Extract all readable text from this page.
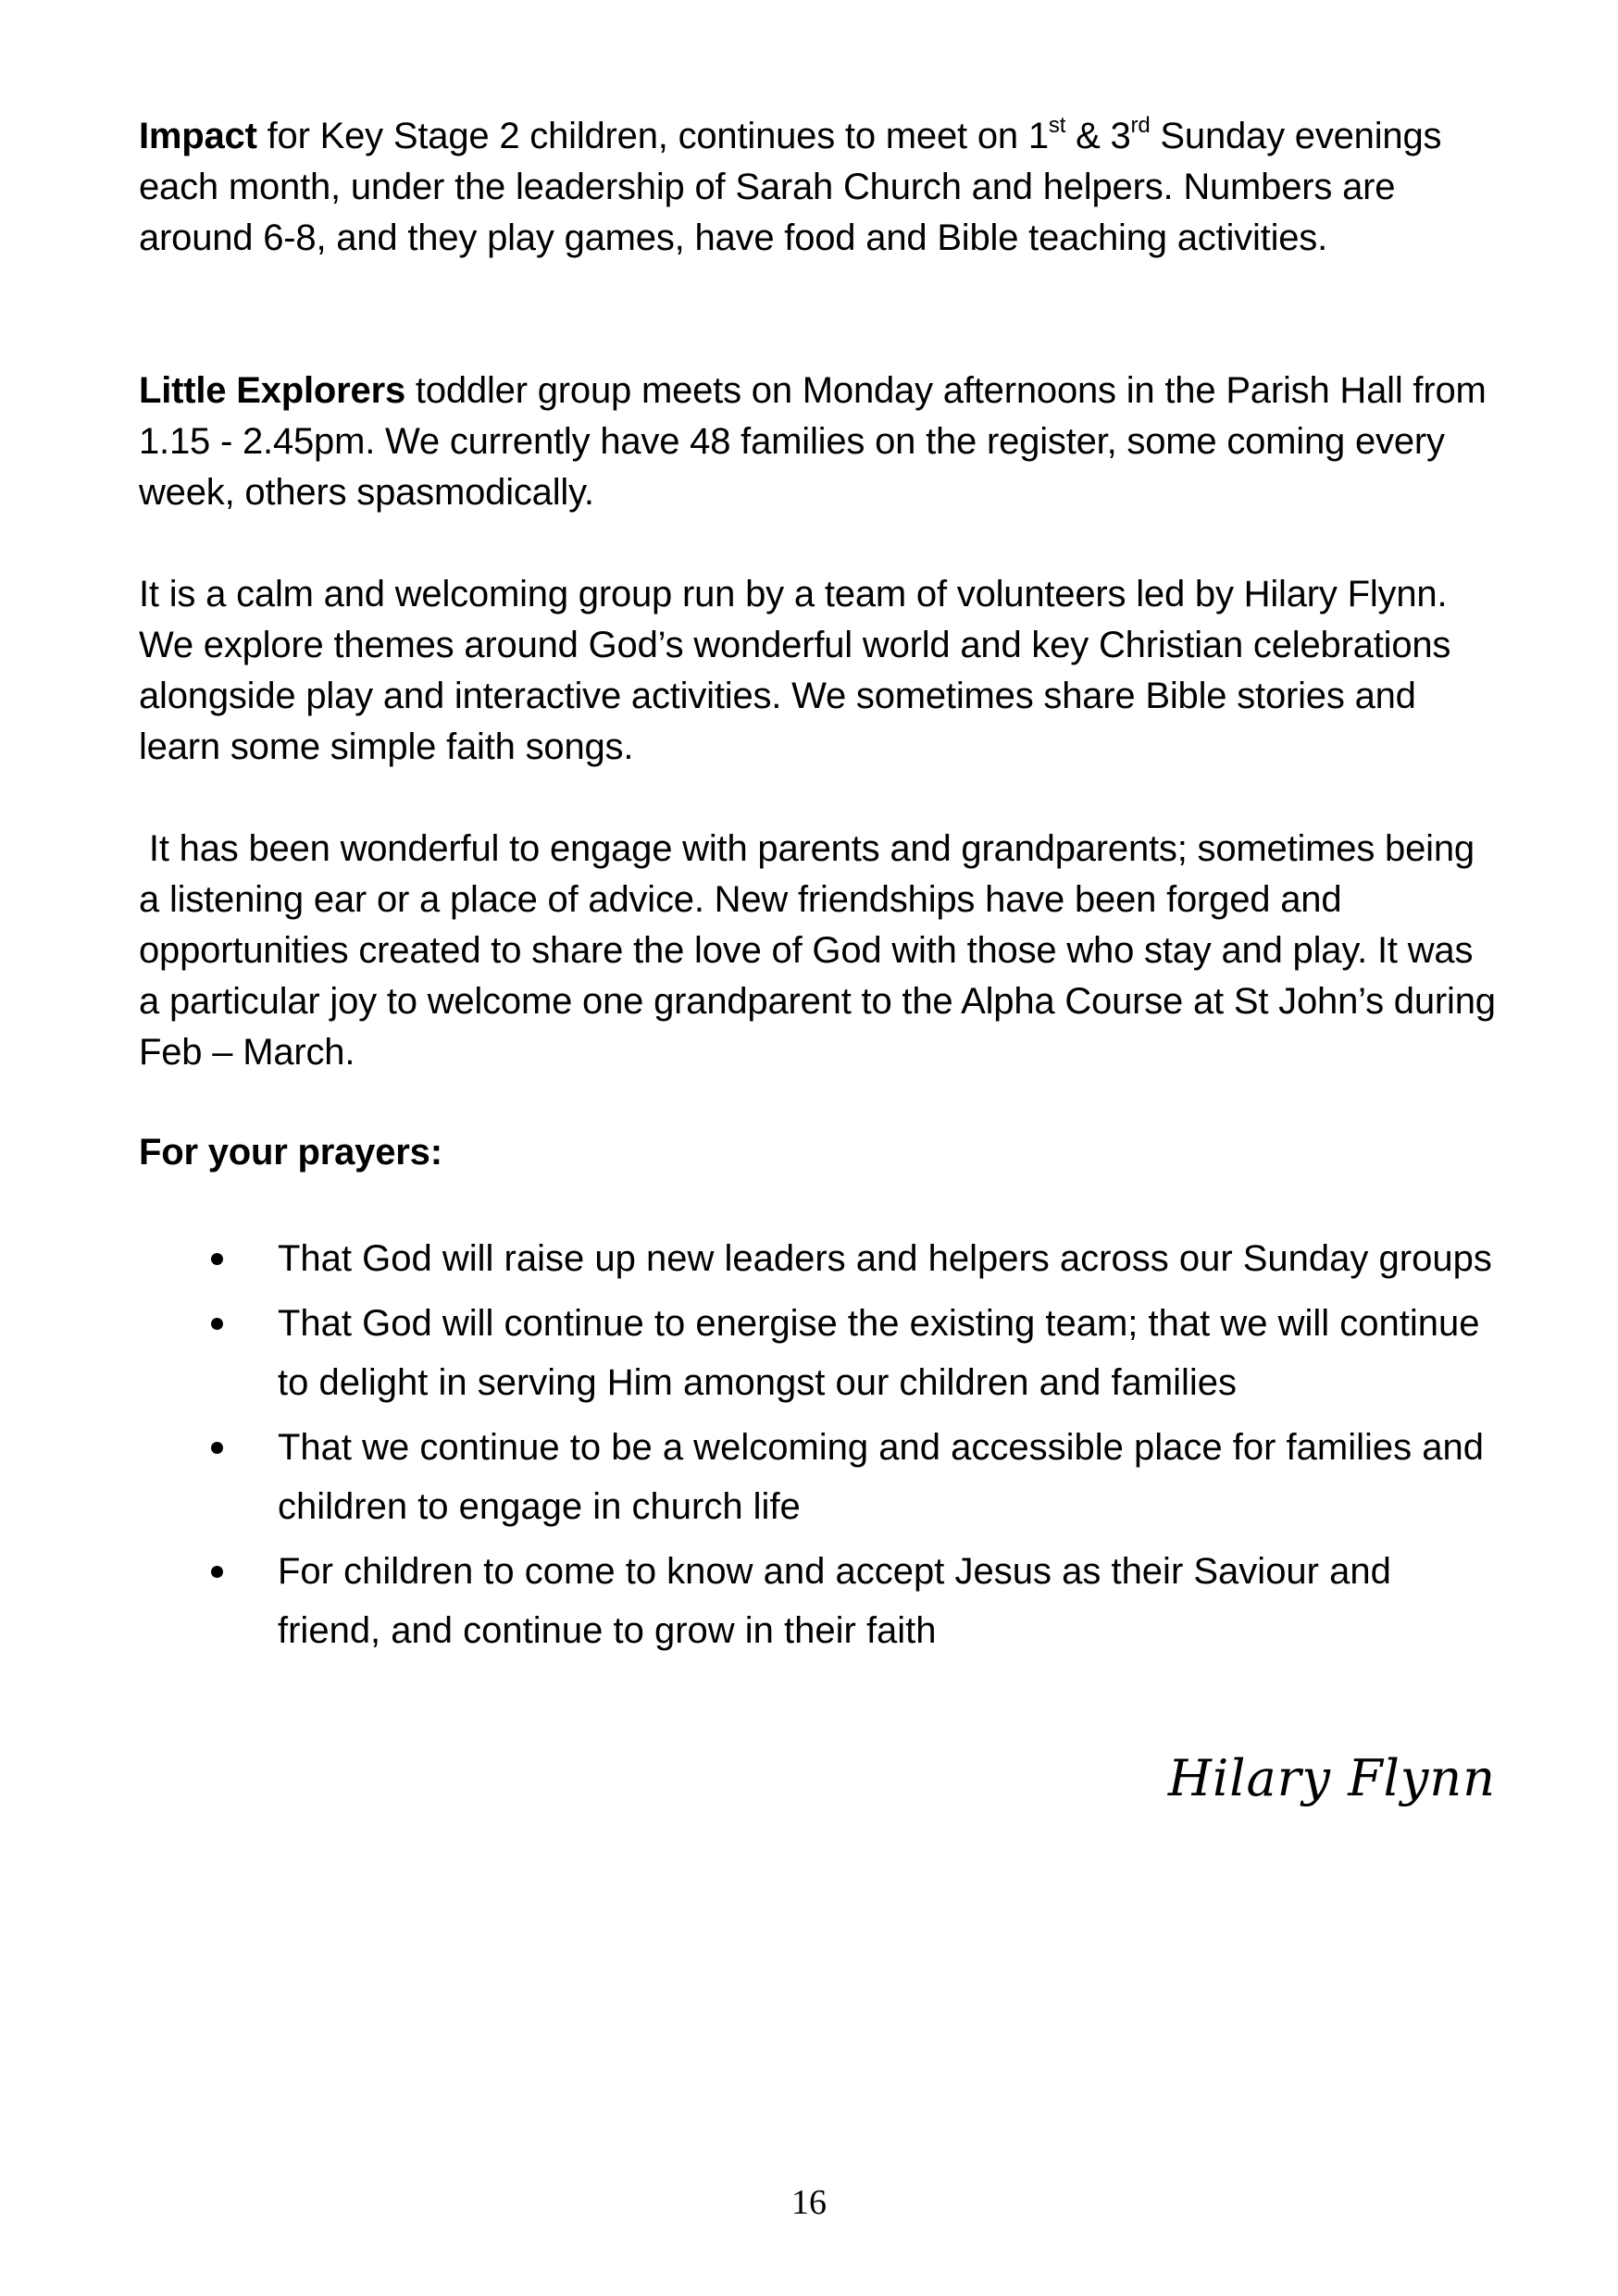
Impact for Key Stage 2 children, continues to meet on 1st & 3rd Sunday evenings each month, under the leadership of Sarah Church and helpers. Numbers are around 6-8, and they play games, have food and Bible teaching activities.

Little Explorers toddler group meets on Monday afternoons in the Parish Hall from 1.15 - 2.45pm. We currently have 48 families on the register, some coming every week, others spasmodically.

It is a calm and welcoming group run by a team of volunteers led by Hilary Flynn. We explore themes around God’s wonderful world and key Christian celebrations alongside play and interactive activities. We sometimes share Bible stories and learn some simple faith songs.

It has been wonderful to engage with parents and grandparents; sometimes being a listening ear or a place of advice. New friendships have been forged and opportunities created to share the love of God with those who stay and play. It was a particular joy to welcome one grandparent to the Alpha Course at St John’s during Feb – March.

For your prayers:

That God will raise up new leaders and helpers across our Sunday groups
That God will continue to energise the existing team; that we will continue to delight in serving Him amongst our children and families
That we continue to be a welcoming and accessible place for families and children to engage in church life
For children to come to know and accept Jesus as their Saviour and friend, and continue to grow in their faith
Hilary Flynn
16
